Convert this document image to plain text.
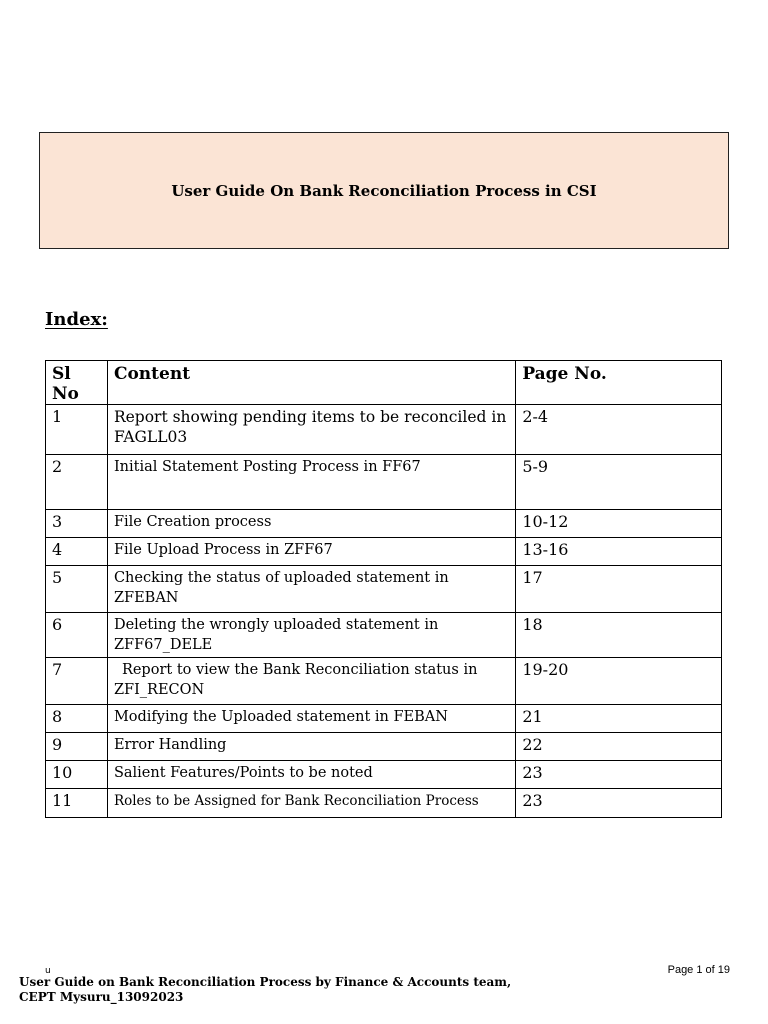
User Guide On Bank Reconciliation Process in CSI
Index:
Sl No	Content	Page No.
1	Report showing pending items to be reconciled in FAGLL03	2-4
2	Initial Statement Posting Process in FF67	5-9
3	File Creation process	10-12
4	File Upload Process in ZFF67	13-16
5	Checking the status of uploaded statement in ZFEBAN	17
6	Deleting the wrongly uploaded statement in ZFF67_DELE	18
7	Report to view the Bank Reconciliation status in ZFI_RECON	19-20
8	Modifying the Uploaded statement in FEBAN	21
9	Error Handling	22
10	Salient Features/Points to be noted	23
11	Roles to be Assigned for Bank Reconciliation Process	23
u
User Guide on Bank Reconciliation Process by Finance & Accounts team, CEPT Mysuru_13092023
Page 1 of 19
